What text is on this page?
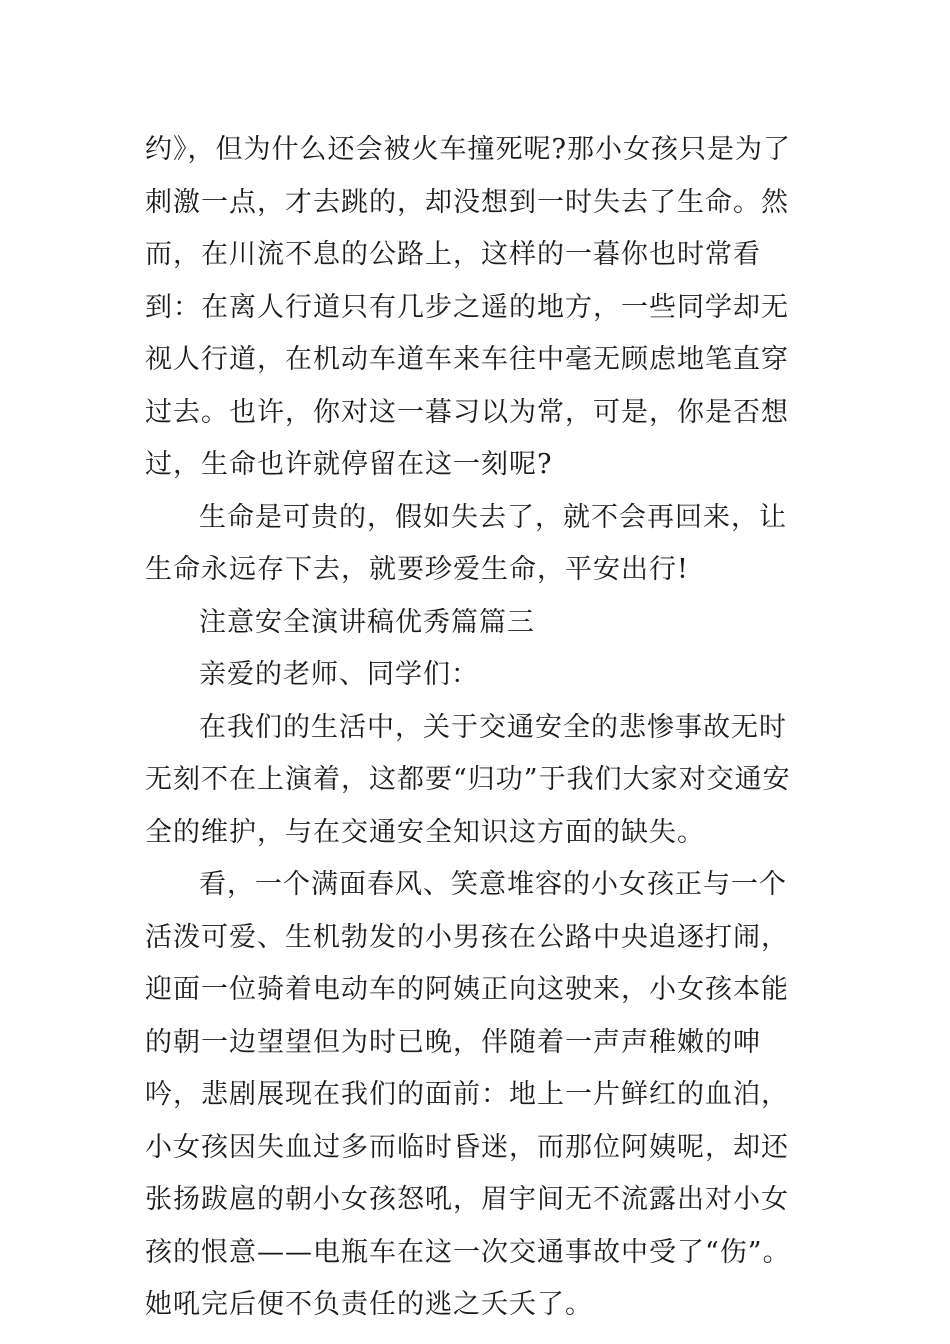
约》，但为什么还会被火车撞死呢?那小女孩只是为了刺激一点，才去跳的，却没想到一时失去了生命。然而，在川流不息的公路上，这样的一暮你也时常看到：在离人行道只有几步之遥的地方，一些同学却无视人行道，在机动车道车来车往中毫无顾虑地笔直穿过去。也许，你对这一暮习以为常，可是，你是否想过，生命也许就停留在这一刻呢?

生命是可贵的，假如失去了，就不会再回来，让生命永远存下去，就要珍爱生命，平安出行!

注意安全演讲稿优秀篇篇三

亲爱的老师、同学们：

在我们的生活中，关于交通安全的悲惨事故无时无刻不在上演着，这都要“归功”于我们大家对交通安全的维护，与在交通安全知识这方面的缺失。

看，一个满面春风、笑意堆容的小女孩正与一个活泼可爱、生机勃发的小男孩在公路中央追逐打闹，迎面一位骑着电动车的阿姨正向这驶来，小女孩本能的朝一边望望但为时已晚，伴随着一声声稚嫩的呻吟，悲剧展现在我们的面前：地上一片鲜红的血泊，小女孩因失血过多而临时昏迷，而那位阿姨呢，却还张扬跋扈的朝小女孩怒吼，眉宇间无不流露出对小女孩的恨意——电瓶车在这一次交通事故中受了“伤”。她吼完后便不负责任的逃之夭夭了。
